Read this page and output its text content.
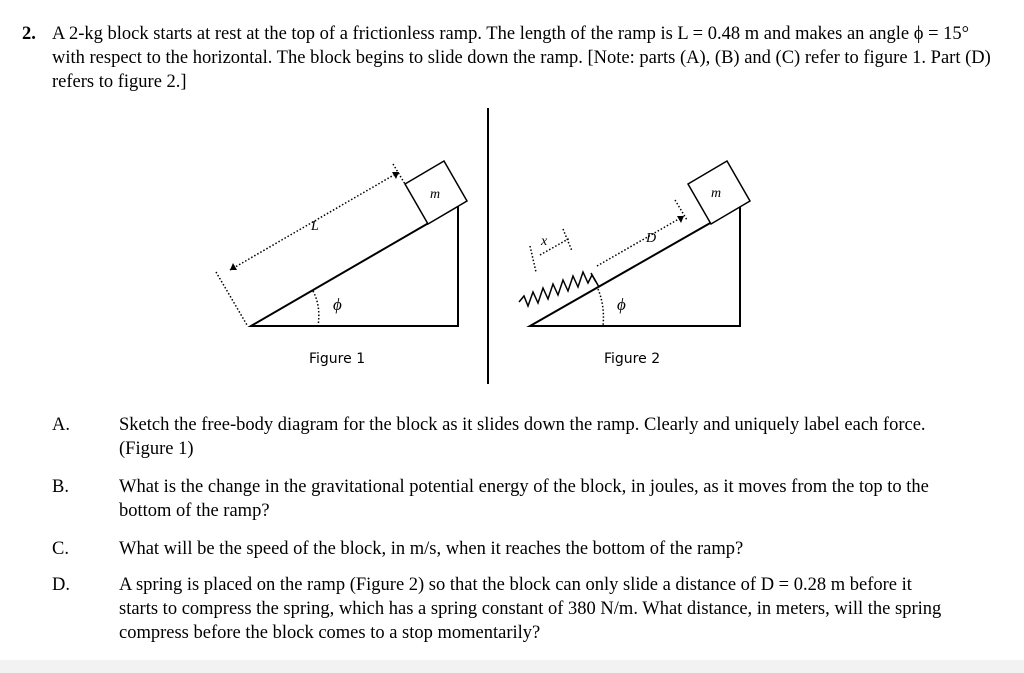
2. A 2-kg block starts at rest at the top of a frictionless ramp. The length of the ramp is L = 0.48 m and makes an angle ϕ = 15° with respect to the horizontal. The block begins to slide down the ramp. [Note: parts (A), (B) and (C) refer to figure 1. Part (D) refers to figure 2.]
m
L
ϕ
m
D
x
ϕ
Figure 1	Figure 2
A.	Sketch the free-body diagram for the block as it slides down the ramp. Clearly and uniquely label each force. (Figure 1)
B.	What is the change in the gravitational potential energy of the block, in joules, as it moves from the top to the bottom of the ramp?
C.	What will be the speed of the block, in m/s, when it reaches the bottom of the ramp?
D.	A spring is placed on the ramp (Figure 2) so that the block can only slide a distance of D = 0.28 m before it starts to compress the spring, which has a spring constant of 380 N/m. What distance, in meters, will the spring compress before the block comes to a stop momentarily?
